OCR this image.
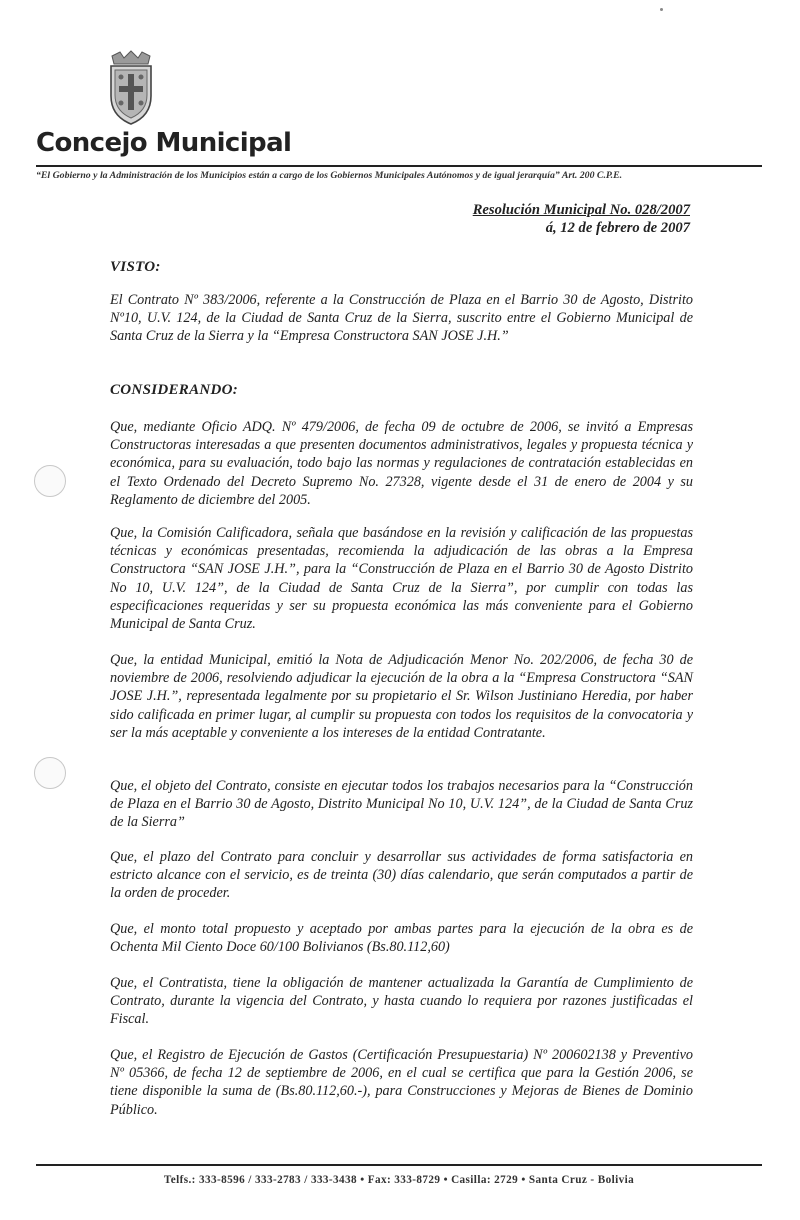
Concejo Municipal
“El Gobierno y la Administración de los Municipios están a cargo de los Gobiernos Municipales Autónomos y de igual jerarquía” Art. 200 C.P.E.
Resolución Municipal No. 028/2007
á, 12 de febrero de 2007
VISTO:

El Contrato Nº 383/2006, referente a la Construcción de Plaza en el Barrio 30 de Agosto, Distrito Nº10, U.V. 124, de la Ciudad de Santa Cruz de la Sierra, suscrito entre el Gobierno Municipal de Santa Cruz de la Sierra y la “Empresa Constructora SAN JOSE J.H.”

CONSIDERANDO:

Que, mediante Oficio ADQ. Nº 479/2006, de fecha 09 de octubre de 2006, se invitó a Empresas Constructoras interesadas a que presenten documentos administrativos, legales y propuesta técnica y económica, para su evaluación, todo bajo las normas y regulaciones de contratación establecidas en el Texto Ordenado del Decreto Supremo No. 27328, vigente desde el 31 de enero de 2004 y su Reglamento de diciembre del 2005.

Que, la Comisión Calificadora, señala que basándose en la revisión y calificación de las propuestas técnicas y económicas presentadas, recomienda la adjudicación de las obras a la Empresa Constructora “SAN JOSE J.H.”, para la “Construcción de Plaza en el Barrio 30 de Agosto Distrito No 10, U.V. 124”, de la Ciudad de Santa Cruz de la Sierra”, por cumplir con todas las especificaciones requeridas y ser su propuesta económica las más conveniente para el Gobierno Municipal de Santa Cruz.

Que, la entidad Municipal, emitió la Nota de Adjudicación Menor No. 202/2006, de fecha 30 de noviembre de 2006, resolviendo adjudicar la ejecución de la obra a la “Empresa Constructora “SAN JOSE J.H.”, representada legalmente por su propietario el Sr. Wilson Justiniano Heredia, por haber sido calificada en primer lugar, al cumplir su propuesta con todos los requisitos de la convocatoria y ser la más aceptable y conveniente a los intereses de la entidad Contratante.

Que, el objeto del Contrato, consiste en ejecutar todos los trabajos necesarios para la “Construcción de Plaza en el Barrio 30 de Agosto, Distrito Municipal No 10, U.V. 124”, de la Ciudad de Santa Cruz de la Sierra”

Que, el plazo del Contrato para concluir y desarrollar sus actividades de forma satisfactoria en estricto alcance con el servicio, es de treinta (30) días calendario, que serán computados a partir de la orden de proceder.

Que, el monto total propuesto y aceptado por ambas partes para la ejecución de la obra es de Ochenta Mil Ciento Doce 60/100 Bolivianos (Bs.80.112,60)

Que, el Contratista, tiene la obligación de mantener actualizada la Garantía de Cumplimiento de Contrato, durante la vigencia del Contrato, y hasta cuando lo requiera por razones justificadas el Fiscal.

Que, el Registro de Ejecución de Gastos (Certificación Presupuestaria) Nº 200602138 y Preventivo Nº 05366, de fecha 12 de septiembre de 2006, en el cual se certifica que para la Gestión 2006, se tiene disponible la suma de (Bs.80.112,60.-), para Construcciones y Mejoras de Bienes de Dominio Público.

Telfs.: 333-8596 / 333-2783 / 333-3438 • Fax: 333-8729 • Casilla: 2729 • Santa Cruz - Bolivia
